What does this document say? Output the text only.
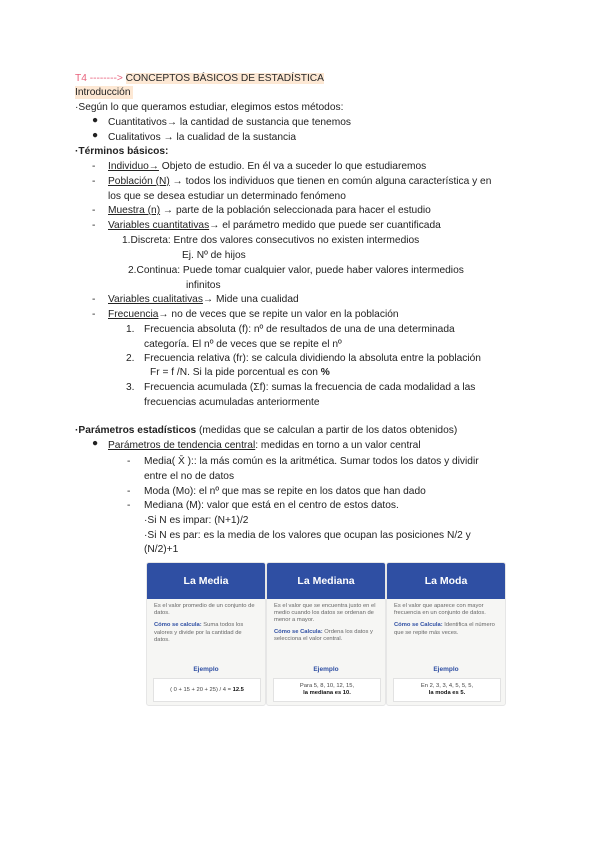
T4 --------> CONCEPTOS BÁSICOS DE ESTADÍSTICA
Introducción
·Según lo que queramos estudiar, elegimos estos métodos:
● Cuantitativos→ la cantidad de sustancia que tenemos
● Cualitativos → la cualidad de la sustancia
·Términos básicos:
- Individuo→ Objeto de estudio. En él va a suceder lo que estudiaremos
- Población (N) → todos los individuos que tienen en común alguna característica y en
los que se desea estudiar un determinado fenómeno
- Muestra (n) → parte de la población seleccionada para hacer el estudio
- Variables cuantitativas→ el parámetro medido que puede ser cuantificada
1.Discreta: Entre dos valores consecutivos no existen intermedios
Ej. Nº de hijos
2.Continua: Puede tomar cualquier valor, puede haber valores intermedios
infinitos
- Variables cualitativas→ Mide una cualidad
- Frecuencia→ no de veces que se repite un valor en la población
1. Frecuencia absoluta (f): nº de resultados de una de una determinada
categoría. El nº de veces que se repite el nº
2. Frecuencia relativa (fr): se calcula dividiendo la absoluta entre la población
Fr = f /N. Si la pide porcentual es con %
3. Frecuencia acumulada (Σf): sumas la frecuencia de cada modalidad a las
frecuencias acumuladas anteriormente
·Parámetros estadísticos (medidas que se calculan a partir de los datos obtenidos)
● Parámetros de tendencia central: medidas en torno a un valor central
- Media( X̄ ):: la más común es la aritmética. Sumar todos los datos y dividir
entre el no de datos
- Moda (Mo): el nº que mas se repite en los datos que han dado
- Mediana (M): valor que está en el centro de estos datos.
·Si N es impar: (N+1)/2
·Si N es par: es la media de los valores que ocupan las posiciones N/2 y
(N/2)+1
La Media
Es el valor promedio de un conjunto de datos.
Cómo se calcula: Suma todos los valores y divide por la cantidad de datos.
Ejemplo
( 0 + 15 + 20 + 25) / 4 = 12.5
La Mediana
Es el valor que se encuentra justo en el medio cuando los datos se ordenan de menor a mayor.
Cómo se Calcula: Ordena los datos y selecciona el valor central.
Ejemplo
Para 5, 8, 10, 12, 15,
la mediana es 10.
La Moda
Es el valor que aparece con mayor frecuencia en un conjunto de datos.
Cómo se Calcula: Identifica el número que se repite más veces.
Ejemplo
En 2, 3, 3, 4, 5, 5, 5,
la moda es 5.
